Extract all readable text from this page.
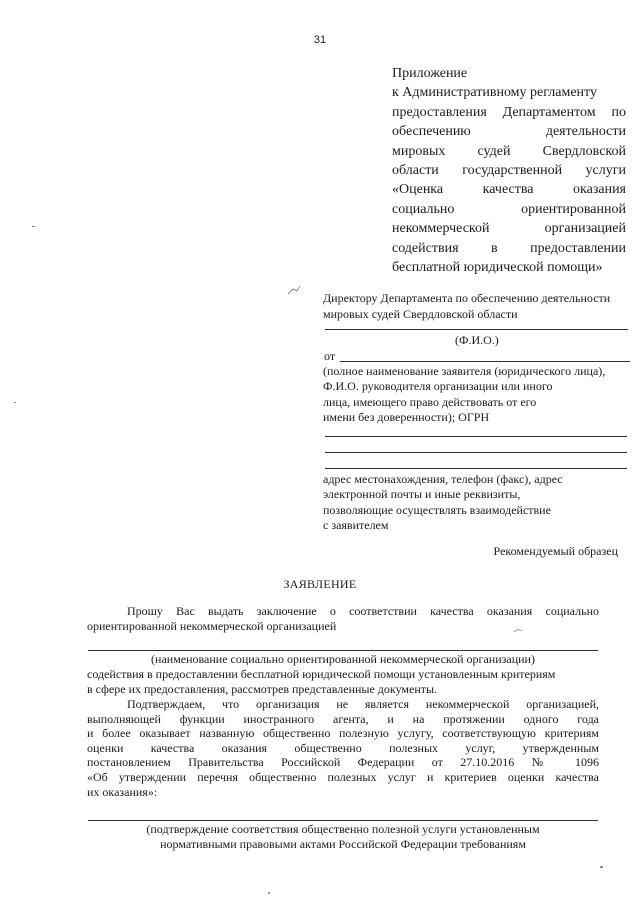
31
Приложение
к Административному регламенту
предоставления Департаментом по
обеспечению деятельности
мировых судей Свердловской
области государственной услуги
«Оценка качества оказания
социально ориентированной
некоммерческой организацией
содействия в предоставлении
бесплатной юридической помощи»
Директору Департамента по обеспечению деятельности мировых судей Свердловской области
(Ф.И.О.)
от
(полное наименование заявителя (юридического лица),
Ф.И.О. руководителя организации или иного
лица, имеющего право действовать от его
имени без доверенности); ОГРН
адрес местонахождения, телефон (факс), адрес
электронной почты и иные реквизиты,
позволяющие осуществлять взаимодействие
с заявителем
Рекомендуемый образец
ЗАЯВЛЕНИЕ
Прошу Вас выдать заключение о соответствии качества оказания социально
ориентированной некоммерческой организацией
(наименование социально ориентированной некоммерческой организации)
содействия в предоставлении бесплатной юридической помощи установленным критериям
в сфере их предоставления, рассмотрев представленные документы.
Подтверждаем, что организация не является некоммерческой организацией,
выполняющей функции иностранного агента, и на протяжении одного года
и более оказывает названную общественно полезную услугу, соответствующую критериям
оценки качества оказания общественно полезных услуг, утвержденным
постановлением Правительства Российской Федерации от 27.10.2016 № 1096
«Об утверждении перечня общественно полезных услуг и критериев оценки качества
их оказания»:
(подтверждение соответствия общественно полезной услуги установленным
нормативными правовыми актами Российской Федерации требованиям
